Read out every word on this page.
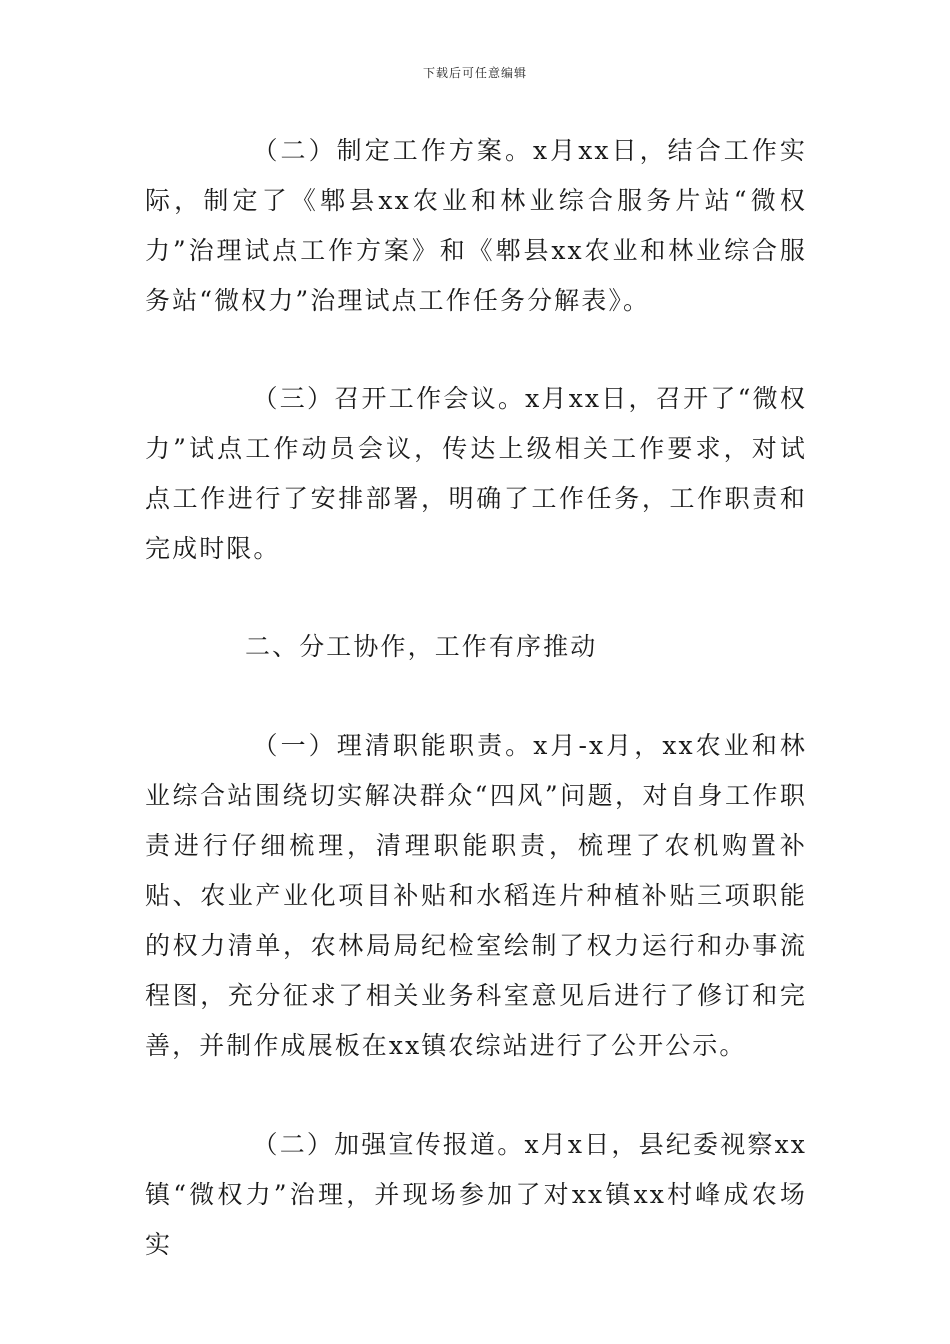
下载后可任意编辑

（二）制定工作方案。x月xx日，结合工作实际，制定了《郫县xx农业和林业综合服务片站“微权力”治理试点工作方案》和《郫县xx农业和林业综合服务站“微权力”治理试点工作任务分解表》。

（三）召开工作会议。x月xx日，召开了“微权力”试点工作动员会议，传达上级相关工作要求，对试点工作进行了安排部署，明确了工作任务，工作职责和完成时限。

二、分工协作，工作有序推动

（一）理清职能职责。x月-x月，xx农业和林业综合站围绕切实解决群众“四风”问题，对自身工作职责进行仔细梳理，清理职能职责，梳理了农机购置补贴、农业产业化项目补贴和水稻连片种植补贴三项职能的权力清单，农林局局纪检室绘制了权力运行和办事流程图，充分征求了相关业务科室意见后进行了修订和完善，并制作成展板在xx镇农综站进行了公开公示。

（二）加强宣传报道。x月x日，县纪委视察xx镇“微权力”治理，并现场参加了对xx镇xx村峰成农场实
